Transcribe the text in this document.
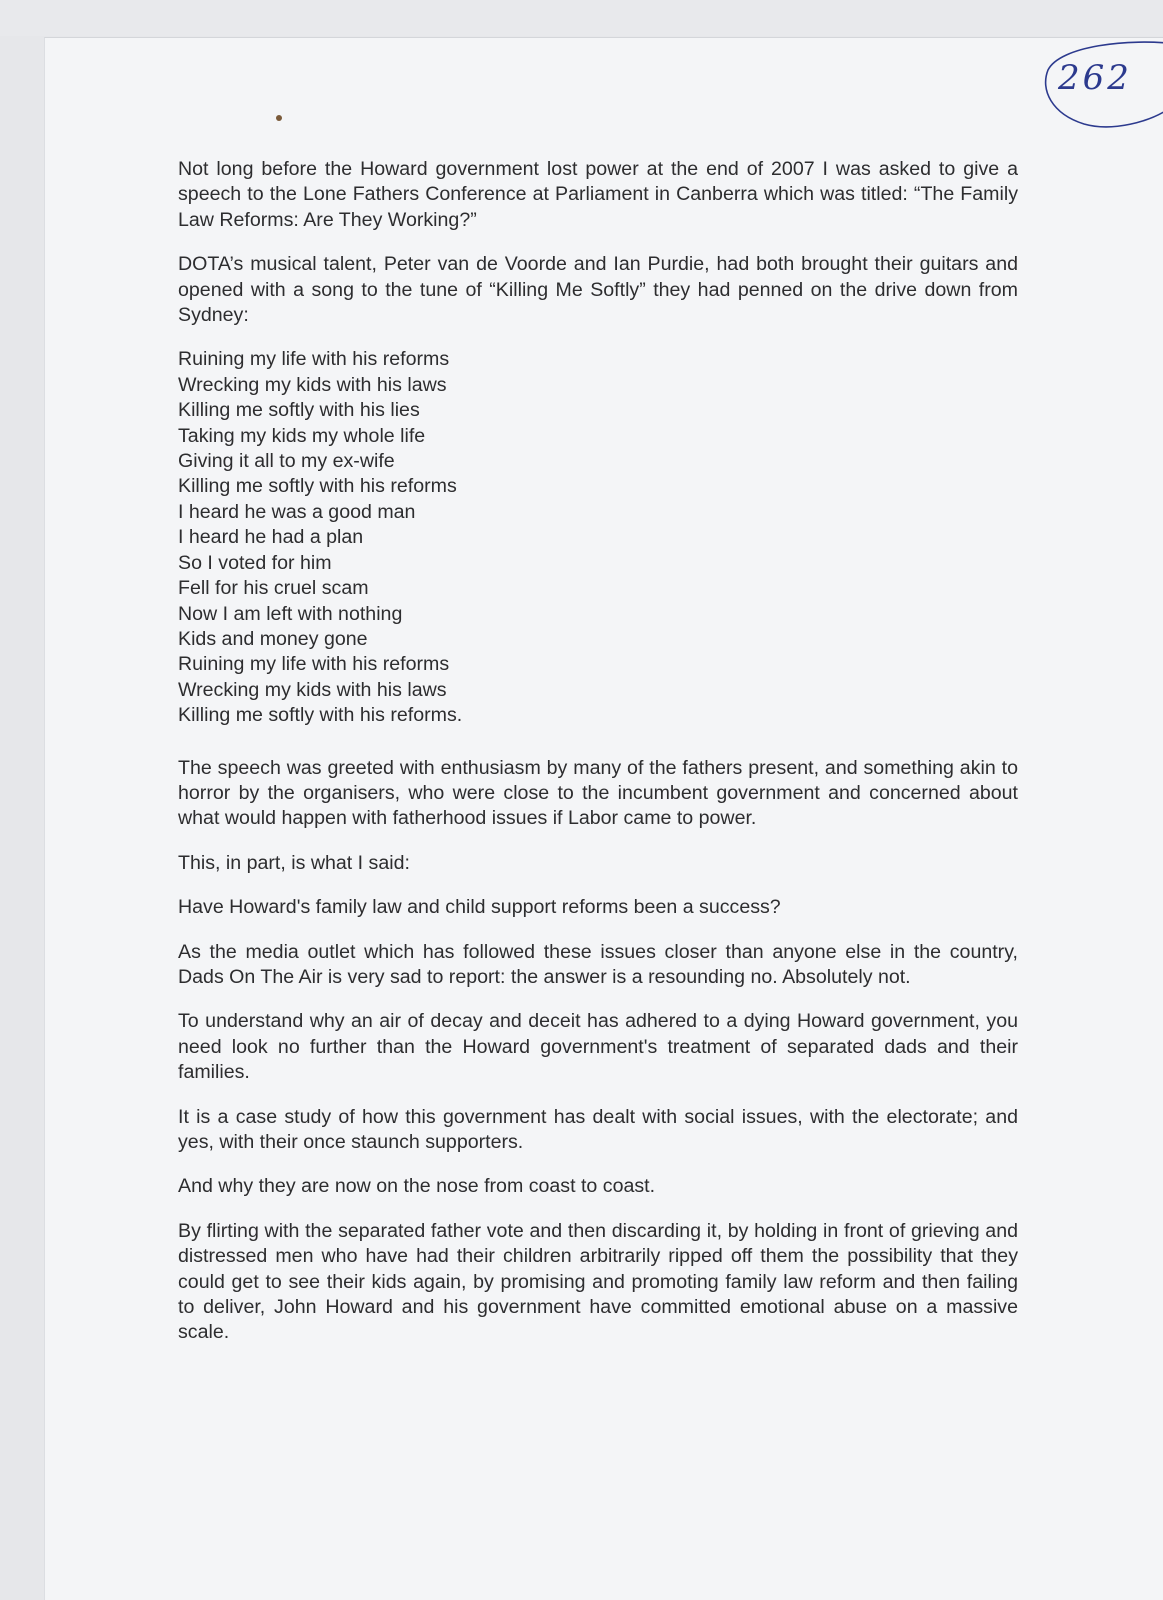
262

Not long before the Howard government lost power at the end of 2007 I was asked to give a speech to the Lone Fathers Conference at Parliament in Canberra which was titled: “The Family Law Reforms: Are They Working?”

DOTA’s musical talent, Peter van de Voorde and Ian Purdie, had both brought their guitars and opened with a song to the tune of “Killing Me Softly” they had penned on the drive down from Sydney:

Ruining my life with his reforms
Wrecking my kids with his laws
Killing me softly with his lies
Taking my kids my whole life
Giving it all to my ex-wife
Killing me softly with his reforms
I heard he was a good man
I heard he had a plan
So I voted for him
Fell for his cruel scam
Now I am left with nothing
Kids and money gone
Ruining my life with his reforms
Wrecking my kids with his laws
Killing me softly with his reforms.

The speech was greeted with enthusiasm by many of the fathers present, and something akin to horror by the organisers, who were close to the incumbent government and concerned about what would happen with fatherhood issues if Labor came to power.

This, in part, is what I said:

Have Howard's family law and child support reforms been a success?

As the media outlet which has followed these issues closer than anyone else in the country, Dads On The Air is very sad to report: the answer is a resounding no. Absolutely not.

To understand why an air of decay and deceit has adhered to a dying Howard government, you need look no further than the Howard government's treatment of separated dads and their families.

It is a case study of how this government has dealt with social issues, with the electorate; and yes, with their once staunch supporters.

And why they are now on the nose from coast to coast.

By flirting with the separated father vote and then discarding it, by holding in front of grieving and distressed men who have had their children arbitrarily ripped off them the possibility that they could get to see their kids again, by promising and promoting family law reform and then failing to deliver, John Howard and his government have committed emotional abuse on a massive scale.
